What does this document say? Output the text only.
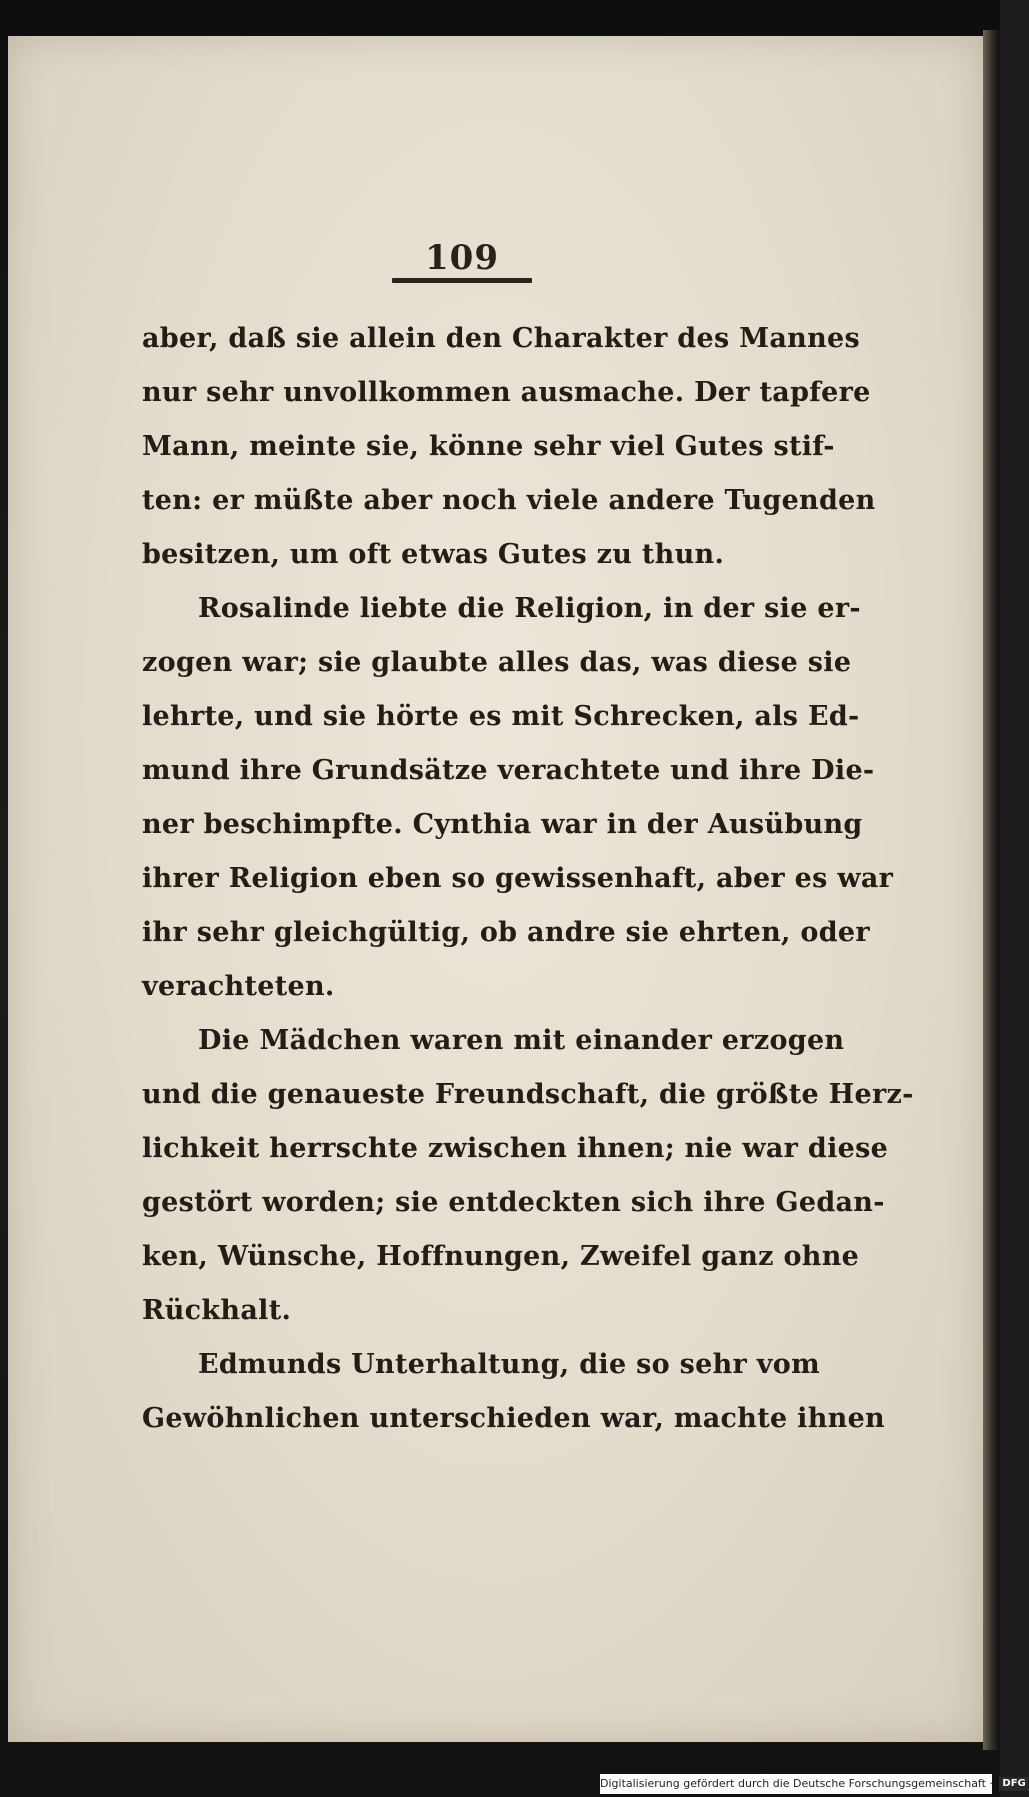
109
aber, daß sie allein den Charakter des Mannes
nur sehr unvollkommen ausmache. Der tapfere
Mann, meinte sie, könne sehr viel Gutes stif-
ten: er müßte aber noch viele andere Tugenden
besitzen, um oft etwas Gutes zu thun.
Rosalinde liebte die Religion, in der sie er-
zogen war; sie glaubte alles das, was diese sie
lehrte, und sie hörte es mit Schrecken, als Ed-
mund ihre Grundsätze verachtete und ihre Die-
ner beschimpfte. Cynthia war in der Ausübung
ihrer Religion eben so gewissenhaft, aber es war
ihr sehr gleichgültig, ob andre sie ehrten, oder
verachteten.
Die Mädchen waren mit einander erzogen
und die genaueste Freundschaft, die größte Herz-
lichkeit herrschte zwischen ihnen; nie war diese
gestört worden; sie entdeckten sich ihre Gedan-
ken, Wünsche, Hoffnungen, Zweifel ganz ohne
Rückhalt.
Edmunds Unterhaltung, die so sehr vom
Gewöhnlichen unterschieden war, machte ihnen
Digitalisierung gefördert durch die Deutsche Forschungsgemeinschaft · DFG
